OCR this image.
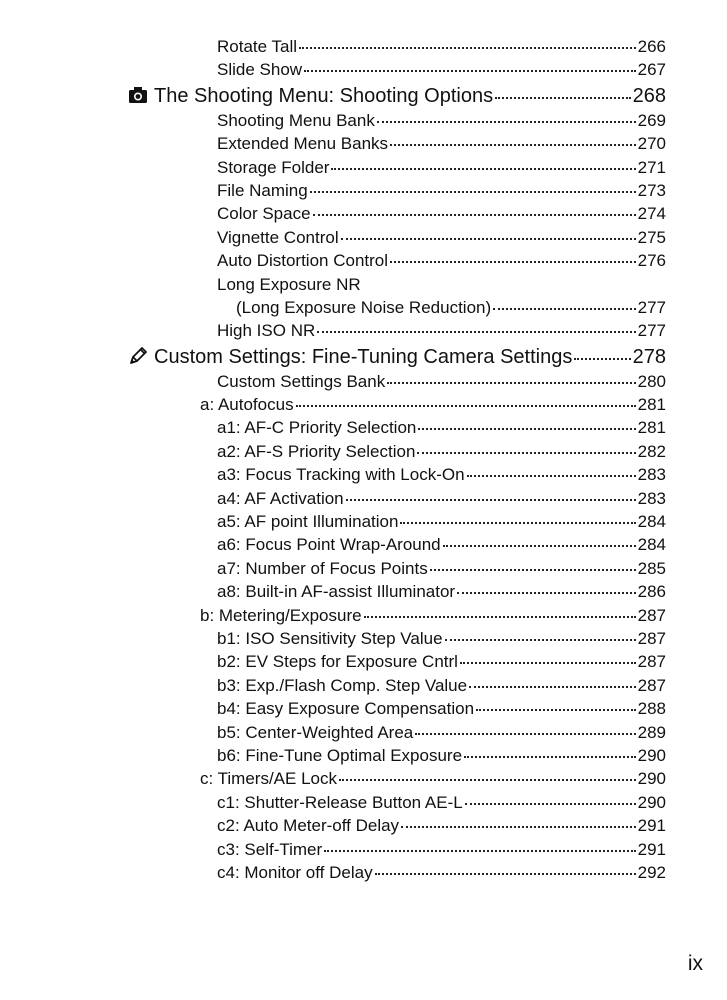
Rotate Tall	266
Slide Show	267
The Shooting Menu: Shooting Options	268
Shooting Menu Bank	269
Extended Menu Banks	270
Storage Folder	271
File Naming	273
Color Space	274
Vignette Control	275
Auto Distortion Control	276
Long Exposure NR
(Long Exposure Noise Reduction)	277
High ISO NR	277
Custom Settings: Fine-Tuning Camera Settings	278
Custom Settings Bank	280
a: Autofocus	281
a1: AF-C Priority Selection	281
a2: AF-S Priority Selection	282
a3: Focus Tracking with Lock-On	283
a4: AF Activation	283
a5: AF point Illumination	284
a6: Focus Point Wrap-Around	284
a7: Number of Focus Points	285
a8: Built-in AF-assist Illuminator	286
b: Metering/Exposure	287
b1: ISO Sensitivity Step Value	287
b2: EV Steps for Exposure Cntrl	287
b3: Exp./Flash Comp. Step Value	287
b4: Easy Exposure Compensation	288
b5: Center-Weighted Area	289
b6: Fine-Tune Optimal Exposure	290
c: Timers/AE Lock	290
c1: Shutter-Release Button AE-L	290
c2: Auto Meter-off Delay	291
c3: Self-Timer	291
c4: Monitor off Delay	292
ix
